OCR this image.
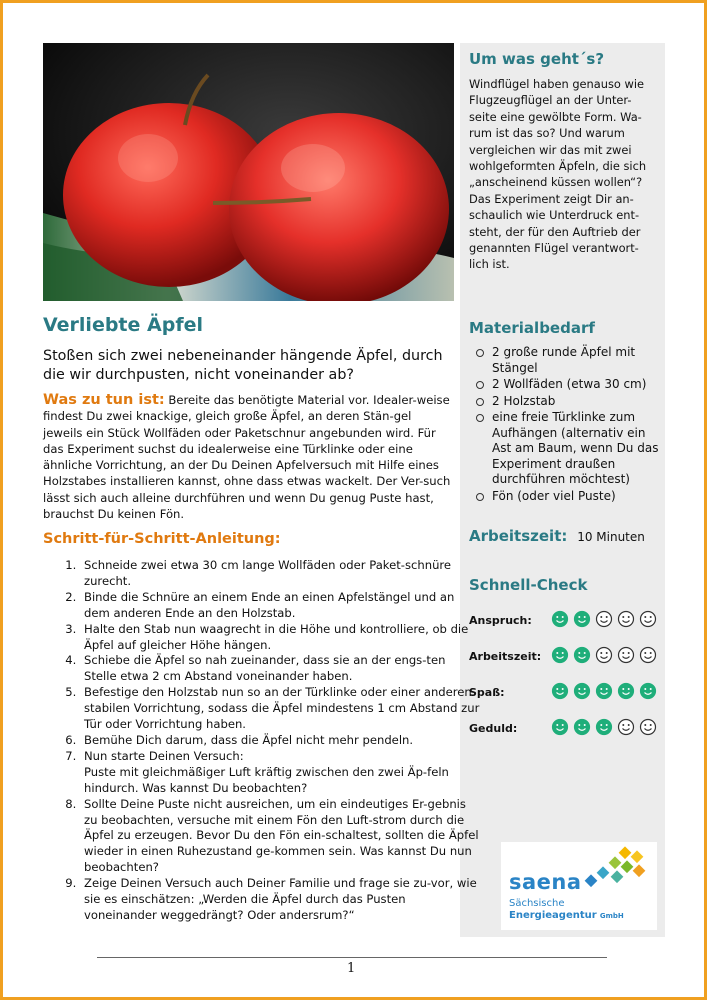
Um was geht´s?
Windflügel haben genauso wie Flugzeugflügel an der Unter-seite eine gewölbte Form. Wa-rum ist das so? Und warum vergleichen wir das mit zwei wohlgeformten Äpfeln, die sich „anscheinend küssen wollen“? Das Experiment zeigt Dir an-schaulich wie Unterdruck ent-steht, der für den Auftrieb der genannten Flügel verantwort-lich ist.
Materialbedarf
2 große runde Äpfel mit Stängel
2 Wollfäden (etwa 30 cm)
2 Holzstab
eine freie Türklinke zum Aufhängen (alternativ ein Ast am Baum, wenn Du das Experiment draußen durchführen möchtest)
Fön (oder viel Puste)
Arbeitszeit: 10 Minuten
Schnell-Check
Anspruch:
Arbeitszeit:
Spaß:
Geduld:
saena
Sächsische
Energieagentur GmbH
Verliebte Äpfel
Stoßen sich zwei nebeneinander hängende Äpfel, durch die wir durchpusten, nicht voneinander ab?
Was zu tun ist: Bereite das benötigte Material vor. Idealer-weise findest Du zwei knackige, gleich große Äpfel, an deren Stän-gel jeweils ein Stück Wollfäden oder Paketschnur angebunden wird. Für das Experiment suchst du idealerweise eine Türklinke oder eine ähnliche Vorrichtung, an der Du Deinen Apfelversuch mit Hilfe eines Holzstabes installieren kannst, ohne dass etwas wackelt. Der Ver-such lässt sich auch alleine durchführen und wenn Du genug Puste hast, brauchst Du keinen Fön.
Schritt-für-Schritt-Anleitung:
1. Schneide zwei etwa 30 cm lange Wollfäden oder Paket-schnüre zurecht.
2. Binde die Schnüre an einem Ende an einen Apfelstängel und an dem anderen Ende an den Holzstab.
3. Halte den Stab nun waagrecht in die Höhe und kontrolliere, ob die Äpfel auf gleicher Höhe hängen.
4. Schiebe die Äpfel so nah zueinander, dass sie an der engs-ten Stelle etwa 2 cm Abstand voneinander haben.
5. Befestige den Holzstab nun so an der Türklinke oder einer anderen stabilen Vorrichtung, sodass die Äpfel mindestens 1 cm Abstand zur Tür oder Vorrichtung haben.
6. Bemühe Dich darum, dass die Äpfel nicht mehr pendeln.
7. Nun starte Deinen Versuch:
Puste mit gleichmäßiger Luft kräftig zwischen den zwei Äp-feln hindurch. Was kannst Du beobachten?
8. Sollte Deine Puste nicht ausreichen, um ein eindeutiges Er-gebnis zu beobachten, versuche mit einem Fön den Luft-strom durch die Äpfel zu erzeugen. Bevor Du den Fön ein-schaltest, sollten die Äpfel wieder in einen Ruhezustand ge-kommen sein. Was kannst Du nun beobachten?
9. Zeige Deinen Versuch auch Deiner Familie und frage sie zu-vor, wie sie es einschätzen: „Werden die Äpfel durch das Pusten voneinander weggedrängt? Oder andersrum?“
1
